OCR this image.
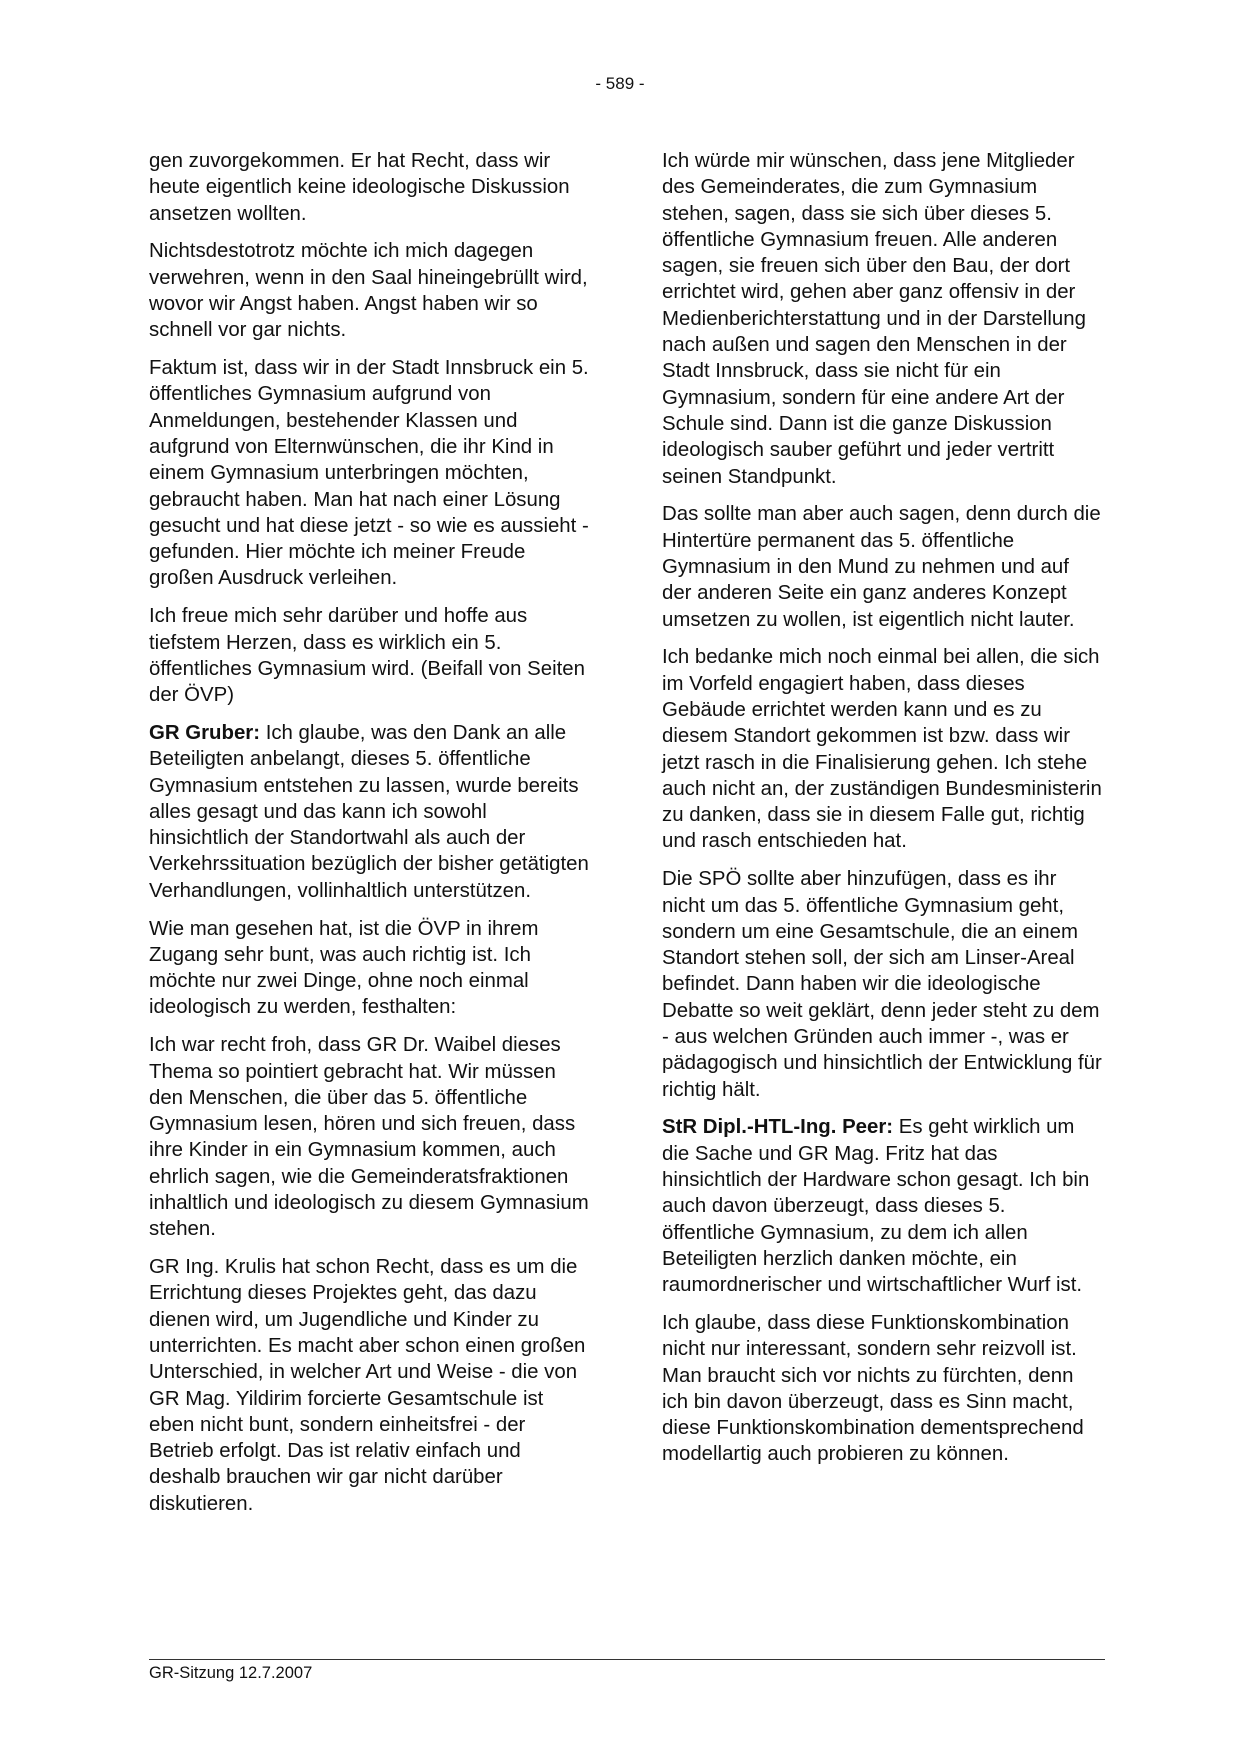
- 589 -

gen zuvorgekommen. Er hat Recht, dass wir heute eigentlich keine ideologische Diskussion ansetzen wollten.

Nichtsdestotrotz möchte ich mich dagegen verwehren, wenn in den Saal hineingebrüllt wird, wovor wir Angst haben. Angst haben wir so schnell vor gar nichts.

Faktum ist, dass wir in der Stadt Innsbruck ein 5. öffentliches Gymnasium aufgrund von Anmeldungen, bestehender Klassen und aufgrund von Elternwünschen, die ihr Kind in einem Gymnasium unterbringen möchten, gebraucht haben. Man hat nach einer Lösung gesucht und hat diese jetzt - so wie es aussieht - gefunden. Hier möchte ich meiner Freude großen Ausdruck verleihen.

Ich freue mich sehr darüber und hoffe aus tiefstem Herzen, dass es wirklich ein 5. öffentliches Gymnasium wird. (Beifall von Seiten der ÖVP)

GR Gruber: Ich glaube, was den Dank an alle Beteiligten anbelangt, dieses 5. öffentliche Gymnasium entstehen zu lassen, wurde bereits alles gesagt und das kann ich sowohl hinsichtlich der Standortwahl als auch der Verkehrssituation bezüglich der bisher getätigten Verhandlungen, vollinhaltlich unterstützen.

Wie man gesehen hat, ist die ÖVP in ihrem Zugang sehr bunt, was auch richtig ist. Ich möchte nur zwei Dinge, ohne noch einmal ideologisch zu werden, festhalten:

Ich war recht froh, dass GR Dr. Waibel dieses Thema so pointiert gebracht hat. Wir müssen den Menschen, die über das 5. öffentliche Gymnasium lesen, hören und sich freuen, dass ihre Kinder in ein Gymnasium kommen, auch ehrlich sagen, wie die Gemeinderatsfraktionen inhaltlich und ideologisch zu diesem Gymnasium stehen.

GR Ing. Krulis hat schon Recht, dass es um die Errichtung dieses Projektes geht, das dazu dienen wird, um Jugendliche und Kinder zu unterrichten. Es macht aber schon einen großen Unterschied, in welcher Art und Weise - die von GR Mag. Yildirim forcierte Gesamtschule ist eben nicht bunt, sondern einheitsfrei - der Betrieb erfolgt. Das ist relativ einfach und deshalb brauchen wir gar nicht darüber diskutieren.

Ich würde mir wünschen, dass jene Mitglieder des Gemeinderates, die zum Gymnasium stehen, sagen, dass sie sich über dieses 5. öffentliche Gymnasium freuen. Alle anderen sagen, sie freuen sich über den Bau, der dort errichtet wird, gehen aber ganz offensiv in der Medienberichterstattung und in der Darstellung nach außen und sagen den Menschen in der Stadt Innsbruck, dass sie nicht für ein Gymnasium, sondern für eine andere Art der Schule sind. Dann ist die ganze Diskussion ideologisch sauber geführt und jeder vertritt seinen Standpunkt.

Das sollte man aber auch sagen, denn durch die Hintertüre permanent das 5. öffentliche Gymnasium in den Mund zu nehmen und auf der anderen Seite ein ganz anderes Konzept umsetzen zu wollen, ist eigentlich nicht lauter.

Ich bedanke mich noch einmal bei allen, die sich im Vorfeld engagiert haben, dass dieses Gebäude errichtet werden kann und es zu diesem Standort gekommen ist bzw. dass wir jetzt rasch in die Finalisierung gehen. Ich stehe auch nicht an, der zuständigen Bundesministerin zu danken, dass sie in diesem Falle gut, richtig und rasch entschieden hat.

Die SPÖ sollte aber hinzufügen, dass es ihr nicht um das 5. öffentliche Gymnasium geht, sondern um eine Gesamtschule, die an einem Standort stehen soll, der sich am Linser-Areal befindet. Dann haben wir die ideologische Debatte so weit geklärt, denn jeder steht zu dem - aus welchen Gründen auch immer -, was er pädagogisch und hinsichtlich der Entwicklung für richtig hält.

StR Dipl.-HTL-Ing. Peer: Es geht wirklich um die Sache und GR Mag. Fritz hat das hinsichtlich der Hardware schon gesagt. Ich bin auch davon überzeugt, dass dieses 5. öffentliche Gymnasium, zu dem ich allen Beteiligten herzlich danken möchte, ein raumordnerischer und wirtschaftlicher Wurf ist.

Ich glaube, dass diese Funktionskombination nicht nur interessant, sondern sehr reizvoll ist. Man braucht sich vor nichts zu fürchten, denn ich bin davon überzeugt, dass es Sinn macht, diese Funktionskombination dementsprechend modellartig auch probieren zu können.

GR-Sitzung 12.7.2007
